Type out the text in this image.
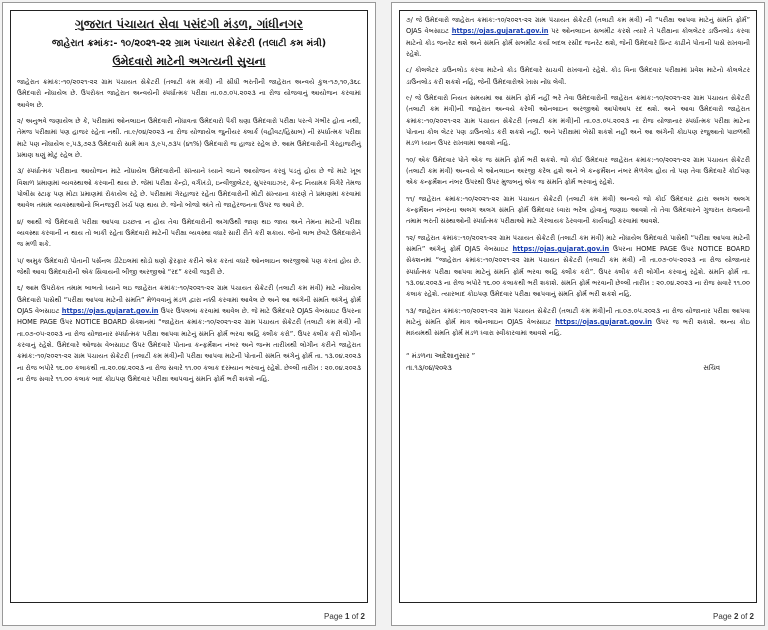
ગુજરાત પંચાયત સેવા પસંદગી મંડળ, ગાંધીનગર
જાહેરાત ક્રમાંક:- ૧૦/૨૦૨૧-૨૨ ગ્રામ પંચાયત સેક્રેટરી (તલાટી કમ મંત્રી)
ઉમેદવારો માટેની અગત્યની સુચના

જાહેરાત ક્રમાંક:-૧૦/૨૦૨૧-૨૨ ગ્રામ પંચાયત સેક્રેટરી (તલાટી કમ મંત્રી) ની સીધી ભરતીની જાહેરાત અન્વયે કુલ-૧૭,૧૦,૩૬૮ ઉમેદવારો નોંધાયેલ છે. ઉપરોક્ત જાહેરાત અન્વયેની સ્પર્ધાત્મક પરીક્ષા તા.૦૭.૦૫.૨૦૨૩ ના રોજ યોજવાનું આયોજન કરવામાં આવેલ છે.

૨/ અનુભવે જણાયેલ છે કે, પરીક્ષામાં ઓનલાઇન ઉમેદવારી નોંધાવતા ઉમેદવારો પૈકી ઘણા ઉમેદવારો પરીક્ષા પરત્વે ગંભીર હોતા નથી, તેમજ પરીક્ષામાં પણ હાજર રહેતા નથી. તા.૯/૦૪/૨૦૨૩ ના રોજ યોજાયેલ જુનીયર ક્લાર્ક (વહીવટ/હિસાબ) ની સ્પર્ધાત્મક પરીક્ષા માટે પણ નોંધાયેલ ૯,૫૩,૭૨૩ ઉમેદવારો સામે માત્ર ૩,૯૫,૭૩૫ (૪૧%) ઉમેદવારો જ હાજર રહેલ છે. આમ ઉમેદવારોની ગેરહાજરીનું પ્રમાણ ઘણું મોટું રહેલ છે.

૩/ સ્પર્ધાત્મક પરીક્ષાના આયોજન માટે નોંધાયેલ ઉમેદવારોની સંખ્યાને ધ્યાને લઇને આયોજન કરવું પડતું હોય છે જે માટે ખૂબ વિશાળ પ્રમાણમાં વ્યવસ્થાઓ કરવાની થાય છે. જેમાં પરીક્ષા કેન્દ્રો, વર્ગખંડો, ઇન્વીજીલેટર, સુપરવાઇઝર, કેન્દ્ર નિયામક વિગેરે તેમજ પોલીસ સ્ટાફ પણ મોટા પ્રમાણમાં રોકાયેલ રહે છે. પરીક્ષામાં ગેરહાજર રહેતા ઉમેદવારોની મોટી સંખ્યાના કારણે તે પ્રમાણમાં કરવામાં આવેલ તમામ વ્યવસ્થાઓનો બિનજરૂરી ખર્ચ પણ થાય છે. જેનો બોજો અંતે તો જાહેરજનતા ઉપર જ આવે છે.

૪/ આથી જે ઉમેદવારો પરીક્ષા આપવા ઇચ્છતા ન હોય તેવા ઉમેદવારોની અગાઉથી જાણ થઇ જાય અને તેમના માટેની પરીક્ષા વ્યવસ્થા કરવાની ન થાય તો બાકી રહેતા ઉમેદવારો માટેની પરીક્ષા વ્યવસ્થા વધારે સારી રીતે કરી શકાય. જેનો લાભ છેવટે ઉમેદવારોને જ મળી શકે.

૫/ અમુક ઉમેદવારો પોતાની પર્સનલ ડીટેઇલમાં થોડો ઘણો ફેરફાર કરીને એક કરતાં વધારે ઓનલાઇન અરજીઓ પણ કરતાં હોય છે. જેથી આવા ઉમેદવારોની એક સિવાયની બીજી અરજીઓ “રદ” કરવી જરૂરી છે.

૬/ આમ ઉપરોક્ત તમામ બાબતો ધ્યાને લઇ જાહેરાત ક્રમાંક:-૧૦/૨૦૨૧-૨૨ ગ્રામ પંચાયત સેક્રેટરી (તલાટી કમ મંત્રી) માટે નોંધાયેલ ઉમેદવારો પાસેથી “પરીક્ષા આપવા માટેની સંમતિ” મેળવવાનું મંડળ દ્વારા નક્કી કરવામાં આવેલ છે અને આ અંગેની સંમતિ અંગેનું ફોર્મ OJAS વેબસાઇટ https://ojas.gujarat.gov.in ઉપર ઉપલબ્ધ કરવામાં આવેલ છે. જે માટે ઉમેદવારે OJAS વેબસાઇટ ઉપરના HOME PAGE ઉપર NOTICE BOARD સેક્શનમાં “જાહેરાત ક્રમાંક:-૧૦/૨૦૨૧-૨૨ ગ્રામ પંચાયત સેક્રેટરી (તલાટી કમ મંત્રી) ની તા.૦૭-૦૫-૨૦૨૩ ના રોજ યોજાનાર સ્પર્ધાત્મક પરીક્ષા આપવા માટેનું સંમતિ ફોર્મ ભરવા અહિં ક્લીક કરો”. ઉપર ક્લીક કરી લોગીન કરવાનું રહેશે. ઉમેદવારે ઓજસ વેબસાઇટ ઉપર ઉમેદવારે પોતાના કન્ફર્મેશન નંબર અને જન્મ તારીખથી લોગીન કરીને જાહેરાત ક્રમાંક:-૧૦/૨૦૨૧-૨૨ ગ્રામ પંચાયત સેક્રેટરી (તલાટી કમ મંત્રી)ની પરીક્ષા આપવા માટેની પોતાની સંમતિ અંગેનું ફોર્મ તા. ૧૩.૦૪.૨૦૨૩ ના રોજ બપોરે ૧૬.૦૦ કલાકથી તા.૨૦.૦૪.૨૦૨૩ ના રોજ સવારે ૧૧.૦૦ કલાક દરમ્યાન ભરવાનું રહેશે. છેલ્લી તારીખ : ૨૦.૦૪.૨૦૨૩ ના રોજ સવારે ૧૧.૦૦ કલાક બાદ કોઇપણ ઉમેદવાર પરીક્ષા આપવાનું સંમતિ ફોર્મ ભરી શકશે નહિ.

Page 1 of 2

૭/ જે ઉમેદવારો જાહેરાત ક્રમાંક:-૧૦/૨૦૨૧-૨૨ ગ્રામ પંચાયત સેક્રેટરી (તલાટી કમ મંત્રી) ની “પરીક્ષા આપવા માટેનું સંમતિ ફોર્મ” OJAS વેબસાઇટ https://ojas.gujarat.gov.in પર ઓનલાઇન સબમીટ કરશે ત્યારે તે પરીક્ષાના કોલલેટર ડાઉનલોડ કરવા માટેનો કોડ જનરેટ થશે અને સંમતિ ફોર્મ સબમીટ કર્યા બદલ રસીદ જનરેટ થશે, જેની ઉમેદવારે પ્રિન્ટ કાઢીને પોતાની પાસે રાખવાની રહેશે.

૮/ કોલલેટર ડાઉનલોડ કરવા માટેનો કોડ ઉમેદવારે સાચવી રાખવાનો રહેશે. કોડ વિના ઉમેદવાર પરીક્ષામાં પ્રવેશ માટેનો કોલલેટર ડાઉનલોડ કરી શકશે નહિં, જેની ઉમેદવારોએ ખાસ નોંધ લેવી.

૯/ જે ઉમેદવારો નિયત સમયમાં આ સંમતિ ફોર્મ નહીં ભરે તેવા ઉમેદવારોની જાહેરાત ક્રમાંક:-૧૦/૨૦૨૧-૨૨ ગ્રામ પંચાયત સેક્રેટરી (તલાટી કમ મંત્રી)ની જાહેરાત અન્વયે કરેલી ઓનલાઇન અરજીઓ આપોઆપ રદ થશે. અને આવા ઉમેદવારો જાહેરાત ક્રમાંક:-૧૦/૨૦૨૧-૨૨ ગ્રામ પંચાયત સેક્રેટરી (તલાટી કમ મંત્રી)ની તા.૦૭.૦૫.૨૦૨૩ ના રોજ યોજાનાર સ્પર્ધાત્મક પરીક્ષા માટેના પોતાના કોલ લેટર પણ ડાઉનલોડ કરી શકશે નહીં. અને પરીક્ષામાં બેસી શકશે નહીં અને આ અંગેની કોઇપણ રજુઆતો પાછળથી મંડળ ધ્યાન ઉપર રાખવામાં આવશે નહિ.

૧૦/ એક ઉમેદવાર પોતે એક જ સંમતિ ફોર્મ ભરી શકશે. જો કોઈ ઉમેદવાર જાહેરાત ક્રમાંક:-૧૦/૨૦૨૧-૨૨ ગ્રામ પંચાયત સેક્રેટરી (તલાટી કમ મંત્રી) અન્વયે બે ઓનલાઇન અરજી કરેલ હશે અને બે કન્ફર્મેશન નંબર મેળવેલ હોય તો પણ તેવા ઉમેદવારે કોઈપણ એક કન્ફર્મેશન નંબર ઉપરથી ઉપર મુજબનું એક જ સંમતિ ફોર્મ ભરવાનું રહેશે.

૧૧/ જાહેરાત ક્રમાંક:-૧૦/૨૦૨૧-૨૨ ગ્રામ પંચાયત સેક્રેટરી (તલાટી કમ મંત્રી) અન્વયે જો કોઈ ઉમેદવાર દ્વારા અલગ અલગ કન્ફર્મેશન નંબરના અલગ અલગ સંમતિ ફોર્મ ઉમેદવાર ધ્વારા ભરેલ હોવાનું જણાઇ આવશે તો તેવા ઉમેદવારને ગુજરાત રાજ્યની તમામ ભરતી સંસ્થાઓની સ્પર્ધાત્મક પરીક્ષાઓ માટે ગેરલાયક ઠેરવવાની કાર્યવાહી કરવામાં આવશે.

૧૨/ જાહેરાત ક્રમાંક:-૧૦/૨૦૨૧-૨૨ ગ્રામ પંચાયત સેક્રેટરી (તલાટી કમ મંત્રી) માટે નોંધાયેલ ઉમેદવારો પાસેથી “પરીક્ષા આપવા માટેની સંમતિ” અંગેનું ફોર્મ OJAS વેબસાઇટ https://ojas.gujarat.gov.in ઉપરના HOME PAGE ઉપર NOTICE BOARD સેક્શનમાં “જાહેરાત ક્રમાંક:-૧૦/૨૦૨૧-૨૨ ગ્રામ પંચાયત સેક્રેટરી (તલાટી કમ મંત્રી) ની તા.૦૭-૦૫-૨૦૨૩ ના રોજ યોજાનાર સ્પર્ધાત્મક પરીક્ષા આપવા માટેનું સંમતિ ફોર્મ ભરવા અહિં ક્લીક કરો”. ઉપર ક્લીક કરી લોગીન કરવાનું રહેશે. સંમતિ ફોર્મ તા. ૧૩.૦૪.૨૦૨૩ ના રોજ બપોરે ૧૬.૦૦ કલાકથી ભરી શકાશે. સંમતિ ફોર્મ ભરવાની છેલ્લી તારીખ : ૨૦.૦૪.૨૦૨૩ ના રોજ સવારે ૧૧.૦૦ કલાક રહેશે. ત્યારબાદ કોઇપણ ઉમેદવાર પરીક્ષા આપવાનું સંમતિ ફોર્મ ભરી શકશે નહિ.

૧૩/ જાહેરાત ક્રમાંક:-૧૦/૨૦૨૧-૨૨ ગ્રામ પંચાયત સેક્રેટરી (તલાટી કમ મંત્રી)ની તા.૦૭.૦૫.૨૦૨૩ ના રોજ યોજાનાર પરીક્ષા આપવા માટેનું સંમતિ ફોર્મ માત્ર ઓનલાઇન OJAS વેબસાઇટ https://ojas.gujarat.gov.in ઉપર જ ભરી શકાશે. અન્ય કોઇ માધ્યમથી સંમતિ ફોર્મ મંડળ ધ્વારા સ્વીકારવામાં આવશે નહિ.

“ મંડળના આદેશાનુસાર ”
તા.૧૩/૦૪/૨૦૨૩	સચિવ
Page 2 of 2
